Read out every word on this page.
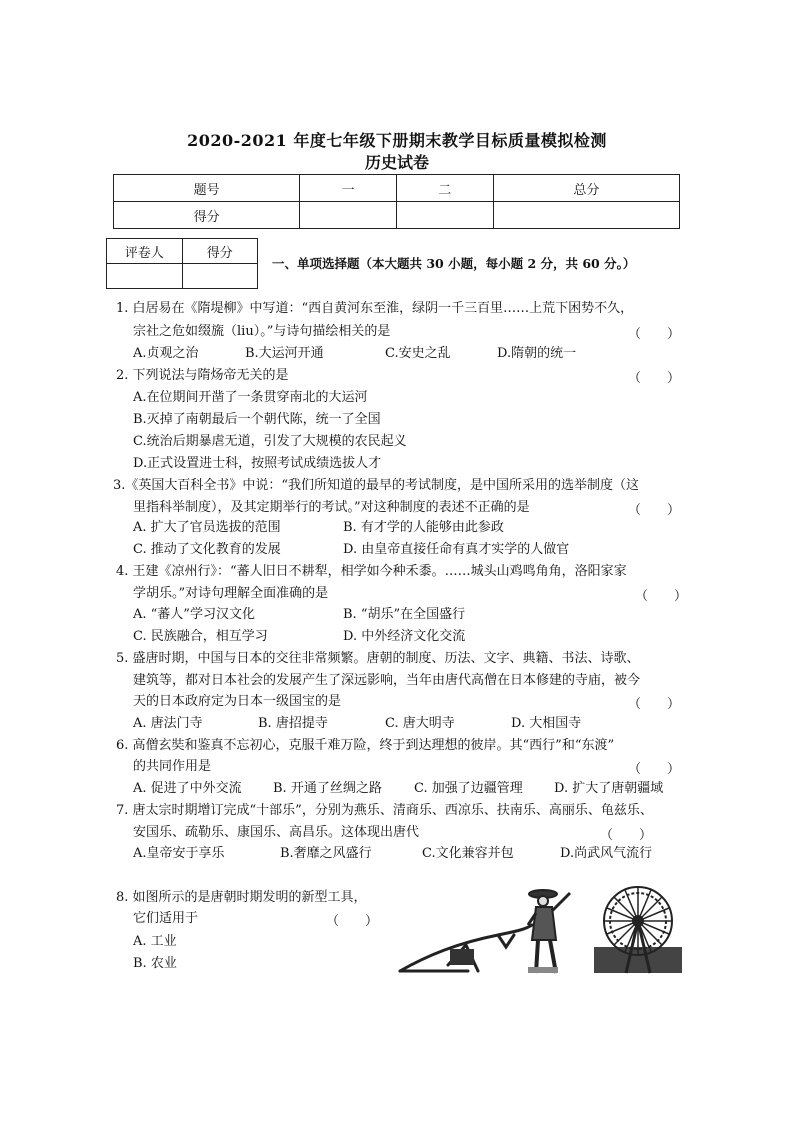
2020-2021 年度七年级下册期末教学目标质量模拟检测
历史试卷
题号	一	二	总分
得分			
评卷人	得分

一、单项选择题（本大题共 30 小题，每小题 2 分，共 60 分。）
1. 白居易在《隋堤柳》中写道：“西自黄河东至淮，绿阴一千三百里……上荒下困势不久，
宗社之危如缀旒（liu）。”与诗句描绘相关的是	（　　）
A.贞观之治	B.大运河开通	C.安史之乱	D.隋朝的统一
2. 下列说法与隋炀帝无关的是	（　　）
A.在位期间开凿了一条贯穿南北的大运河
B.灭掉了南朝最后一个朝代陈，统一了全国
C.统治后期暴虐无道，引发了大规模的农民起义
D.正式设置进士科，按照考试成绩选拔人才
3.《英国大百科全书》中说：“我们所知道的最早的考试制度，是中国所采用的选举制度（这
里指科举制度），及其定期举行的考试。”对这种制度的表述不正确的是	（　　）
A. 扩大了官员选拔的范围	B. 有才学的人能够由此参政
C. 推动了文化教育的发展	D. 由皇帝直接任命有真才实学的人做官
4. 王建《凉州行》：“蕃人旧日不耕犁，相学如今种禾黍。……城头山鸡鸣角角，洛阳家家
学胡乐。”对诗句理解全面准确的是	（　　）
A. “蕃人”学习汉文化	B. “胡乐”在全国盛行
C. 民族融合，相互学习	D. 中外经济文化交流
5. 盛唐时期，中国与日本的交往非常频繁。唐朝的制度、历法、文字、典籍、书法、诗歌、
建筑等，都对日本社会的发展产生了深远影响，当年由唐代高僧在日本修建的寺庙，被今
天的日本政府定为日本一级国宝的是	（　　）
A. 唐法门寺	B. 唐招提寺	C. 唐大明寺	D. 大相国寺
6. 高僧玄奘和鉴真不忘初心，克服千难万险，终于到达理想的彼岸。其“西行”和“东渡”
的共同作用是	（　　）
A. 促进了中外交流 B. 开通了丝绸之路 C. 加强了边疆管理 D. 扩大了唐朝疆域
7. 唐太宗时期增订完成“十部乐”，分别为燕乐、清商乐、西凉乐、扶南乐、高丽乐、龟兹乐、
安国乐、疏勒乐、康国乐、高昌乐。这体现出唐代	（　　）
A.皇帝安于享乐	B.奢靡之风盛行	C.文化兼容并包	D.尚武风气流行
8. 如图所示的是唐朝时期发明的新型工具，
它们适用于	（　　）
A. 工业
B. 农业
